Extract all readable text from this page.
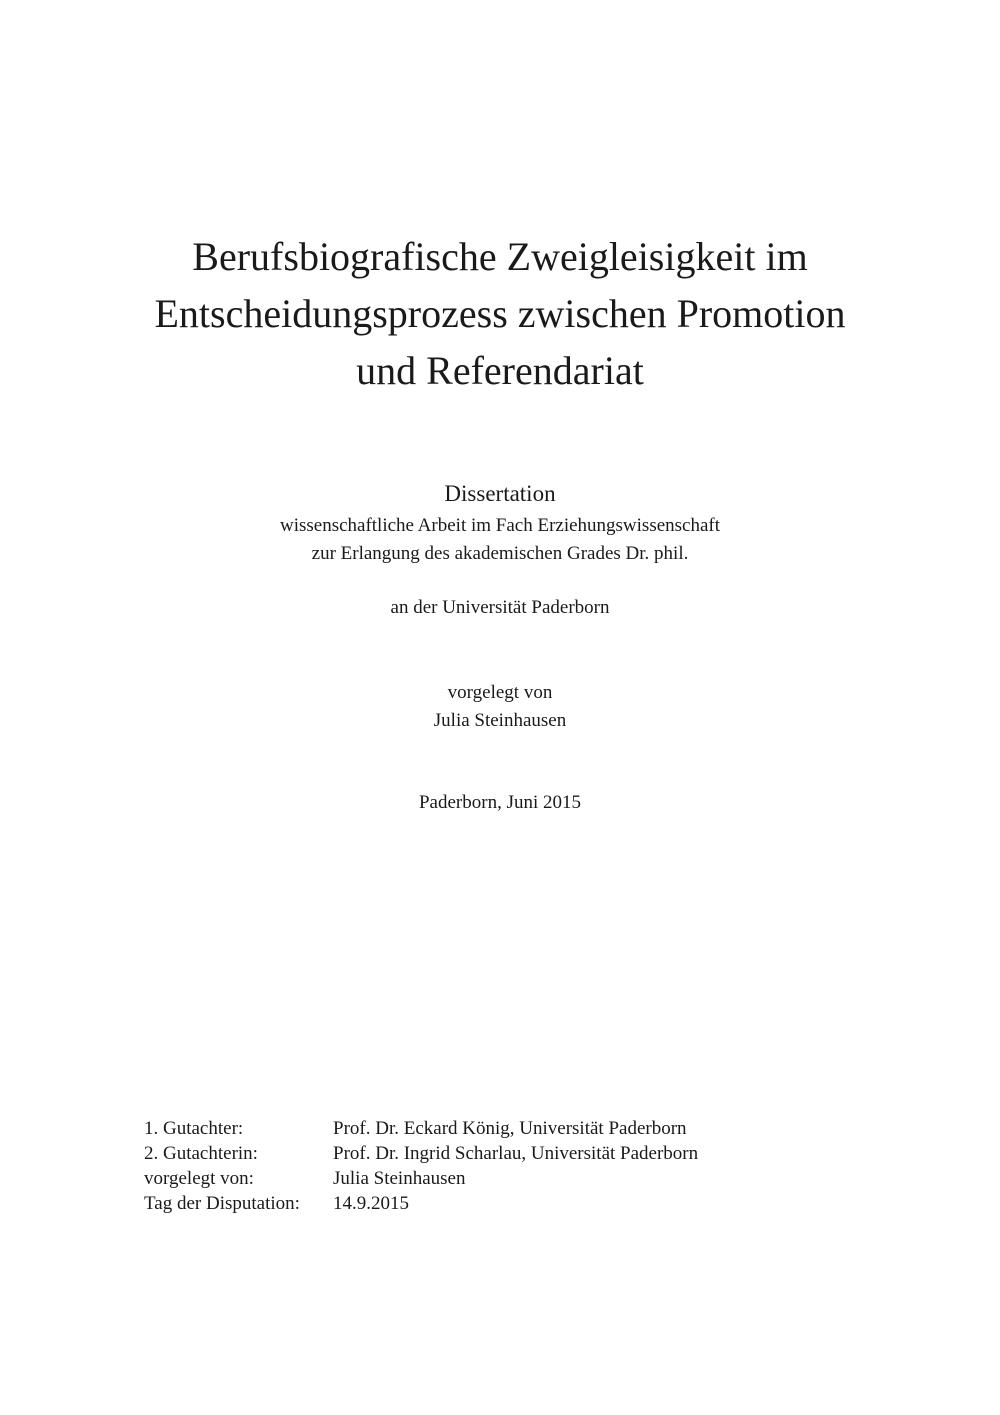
Berufsbiografische Zweigleisigkeit im
Entscheidungsprozess zwischen Promotion
und Referendariat
Dissertation
wissenschaftliche Arbeit im Fach Erziehungswissenschaft
zur Erlangung des akademischen Grades Dr. phil.
an der Universität Paderborn
vorgelegt von
Julia Steinhausen
Paderborn, Juni 2015
1. Gutachter:	Prof. Dr. Eckard König, Universität Paderborn
2. Gutachterin:	Prof. Dr. Ingrid Scharlau, Universität Paderborn
vorgelegt von:	Julia Steinhausen
Tag der Disputation:	14.9.2015
